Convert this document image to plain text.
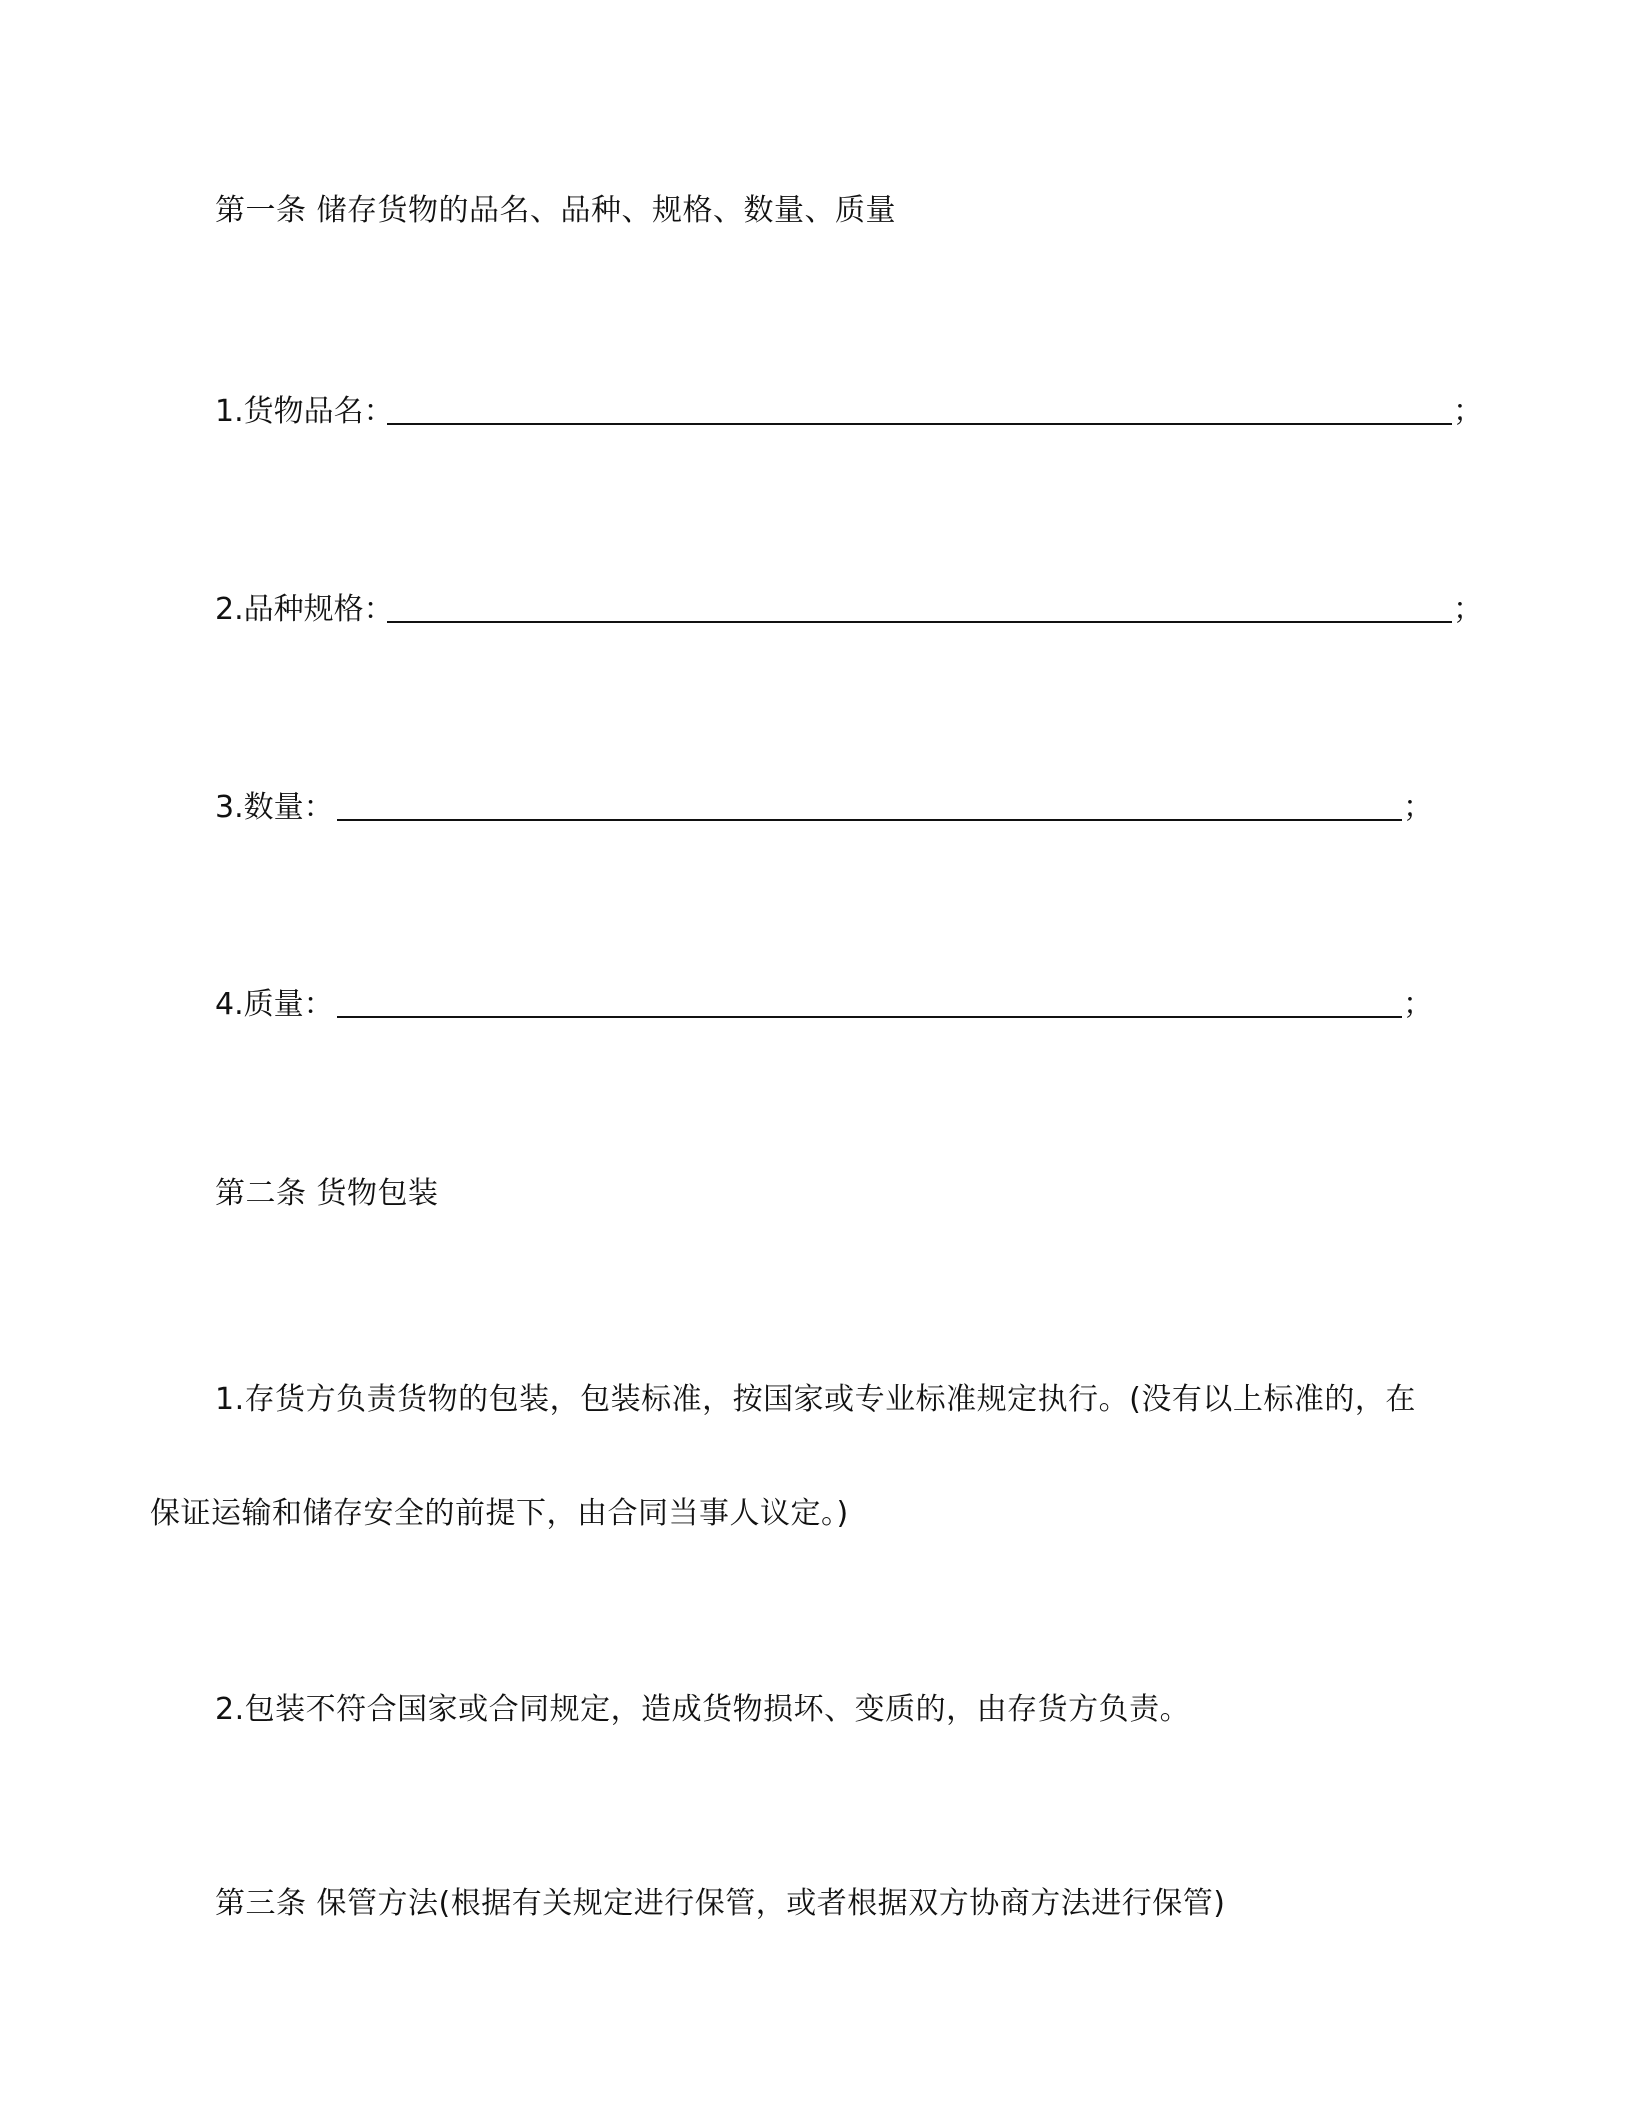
第一条 储存货物的品名、品种、规格、数量、质量
1.货物品名：	；
2.品种规格：	；
3.数量：	；
4.质量：	；
第二条 货物包装
1.存货方负责货物的包装，包装标准，按国家或专业标准规定执行。(没有以上标准的，在
保证运输和储存安全的前提下，由合同当事人议定。)
2.包装不符合国家或合同规定，造成货物损坏、变质的，由存货方负责。
第三条 保管方法(根据有关规定进行保管，或者根据双方协商方法进行保管)
